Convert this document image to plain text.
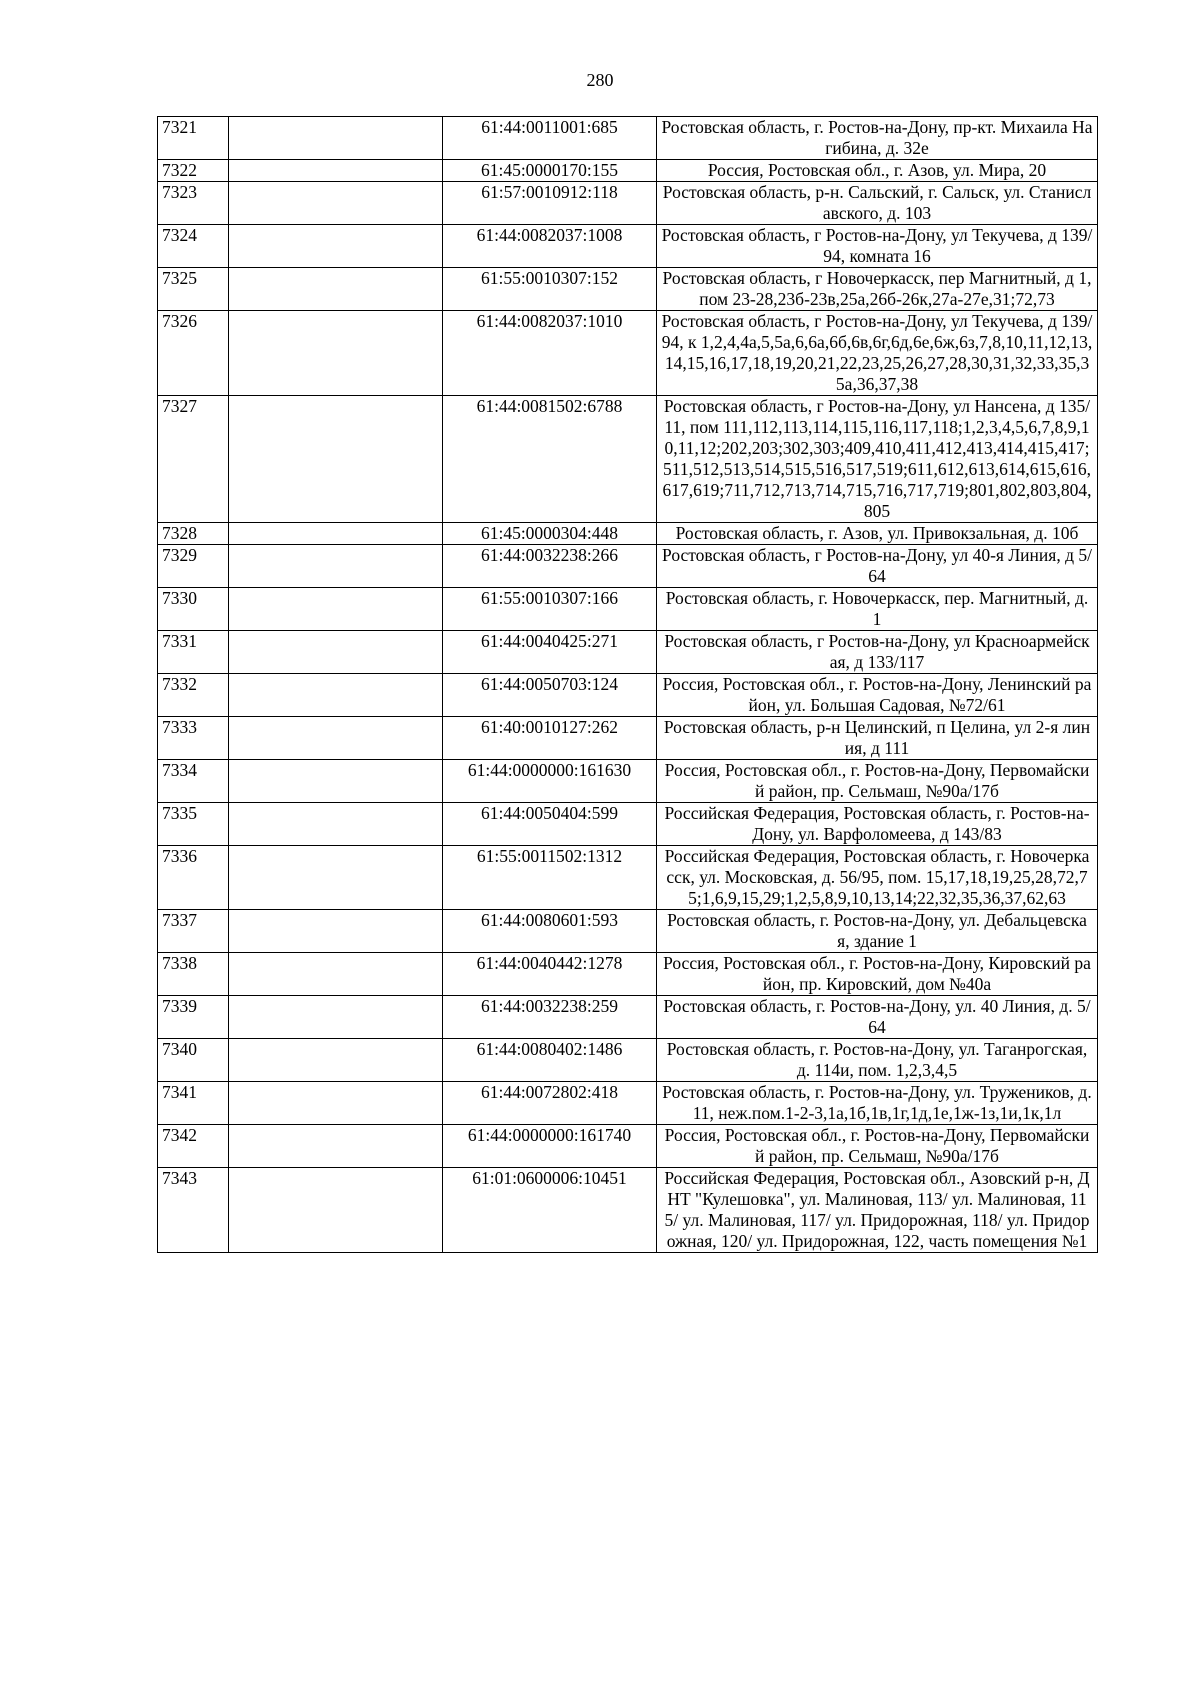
280
7321		61:44:0011001:685	Ростовская область, г. Ростов-на-Дону, пр-кт. Михаила Нагибина, д. 32е
7322		61:45:0000170:155	Россия, Ростовская обл., г. Азов, ул. Мира, 20
7323		61:57:0010912:118	Ростовская область, р-н. Сальский, г. Сальск, ул. Станиславского, д. 103
7324		61:44:0082037:1008	Ростовская область, г Ростов-на-Дону, ул Текучева, д 139/94, комната 16
7325		61:55:0010307:152	Ростовская область, г Новочеркасск, пер Магнитный, д 1, пом 23-28,23б-23в,25а,26б-26к,27а-27е,31;72,73
7326		61:44:0082037:1010	Ростовская область, г Ростов-на-Дону, ул Текучева, д 139/94, к 1,2,4,4а,5,5а,6,6а,6б,6в,6г,6д,6е,6ж,6з,7,8,10,11,12,13,14,15,16,17,18,19,20,21,22,23,25,26,27,28,30,31,32,33,35,35а,36,37,38
7327		61:44:0081502:6788	Ростовская область, г Ростов-на-Дону, ул Нансена, д 135/11, пом 111,112,113,114,115,116,117,118;1,2,3,4,5,6,7,8,9,10,11,12;202,203;302,303;409,410,411,412,413,414,415,417;511,512,513,514,515,516,517,519;611,612,613,614,615,616,617,619;711,712,713,714,715,716,717,719;801,802,803,804,805
7328		61:45:0000304:448	Ростовская область, г. Азов, ул. Привокзальная, д. 10б
7329		61:44:0032238:266	Ростовская область, г Ростов-на-Дону, ул 40-я Линия, д 5/64
7330		61:55:0010307:166	Ростовская область, г. Новочеркасск, пер. Магнитный, д. 1
7331		61:44:0040425:271	Ростовская область, г Ростов-на-Дону, ул Красноармейская, д 133/117
7332		61:44:0050703:124	Россия, Ростовская обл., г. Ростов-на-Дону, Ленинский район, ул. Большая Садовая, №72/61
7333		61:40:0010127:262	Ростовская область, р-н Целинский, п Целина, ул 2-я линия, д 111
7334		61:44:0000000:161630	Россия, Ростовская обл., г. Ростов-на-Дону, Первомайский район, пр. Сельмаш, №90а/17б
7335		61:44:0050404:599	Российская Федерация, Ростовская область, г. Ростов-на-Дону, ул. Варфоломеева, д 143/83
7336		61:55:0011502:1312	Российская Федерация, Ростовская область, г. Новочеркасск, ул. Московская, д. 56/95, пом. 15,17,18,19,25,28,72,75;1,6,9,15,29;1,2,5,8,9,10,13,14;22,32,35,36,37,62,63
7337		61:44:0080601:593	Ростовская область, г. Ростов-на-Дону, ул. Дебальцевская, здание 1
7338		61:44:0040442:1278	Россия, Ростовская обл., г. Ростов-на-Дону, Кировский район, пр. Кировский, дом №40а
7339		61:44:0032238:259	Ростовская область, г. Ростов-на-Дону, ул. 40 Линия, д. 5/64
7340		61:44:0080402:1486	Ростовская область, г. Ростов-на-Дону, ул. Таганрогская, д. 114и, пом. 1,2,3,4,5
7341		61:44:0072802:418	Ростовская область, г. Ростов-на-Дону, ул. Тружеников, д. 11, неж.пом.1-2-3,1а,1б,1в,1г,1д,1е,1ж-1з,1и,1к,1л
7342		61:44:0000000:161740	Россия, Ростовская обл., г. Ростов-на-Дону, Первомайский район, пр. Сельмаш, №90а/17б
7343		61:01:0600006:10451	Российская Федерация, Ростовская обл., Азовский р-н, ДНТ "Кулешовка", ул. Малиновая, 113/ ул. Малиновая, 115/ ул. Малиновая, 117/ ул. Придорожная, 118/ ул. Придорожная, 120/ ул. Придорожная, 122, часть помещения №1
